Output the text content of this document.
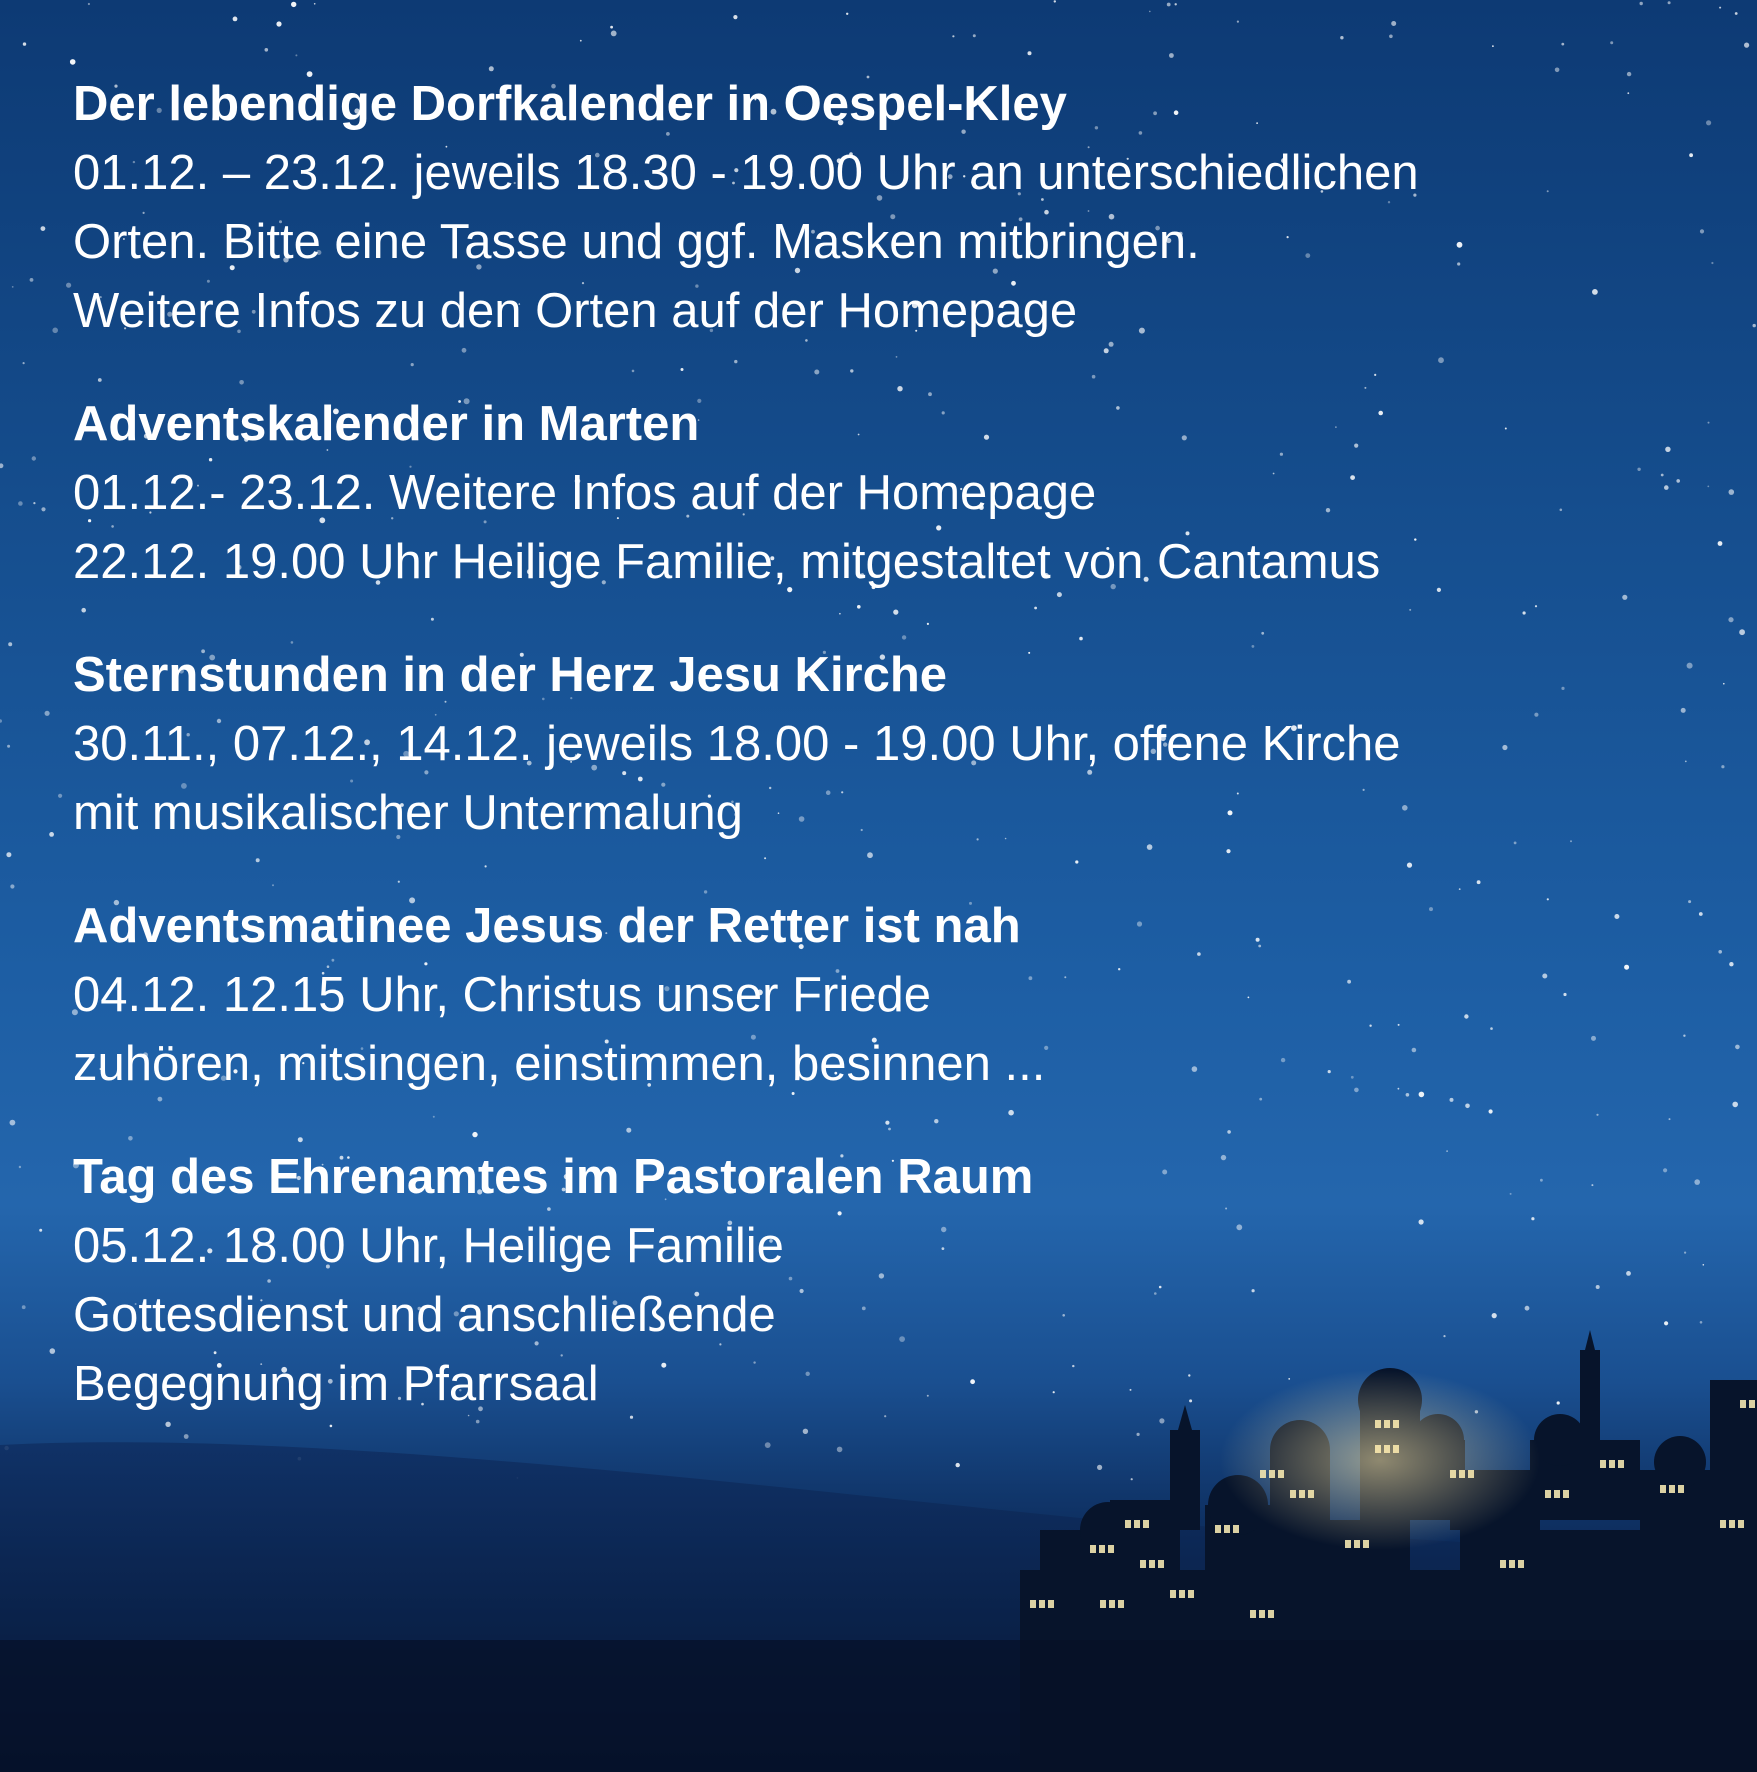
Der lebendige Dorfkalender in Oespel-Kley

01.12. – 23.12. jeweils 18.30 - 19.00 Uhr an unterschiedlichen

Orten. Bitte eine Tasse und ggf. Masken mitbringen.

Weitere Infos zu den Orten auf der Homepage

Adventskalender in Marten

01.12.- 23.12. Weitere Infos auf der Homepage

22.12. 19.00 Uhr Heilige Familie, mitgestaltet von Cantamus

Sternstunden in der Herz Jesu Kirche

30.11., 07.12., 14.12. jeweils 18.00 - 19.00 Uhr, offene Kirche

mit musikalischer Untermalung

Adventsmatinee Jesus der Retter ist nah

04.12. 12.15 Uhr, Christus unser Friede

zuhören, mitsingen, einstimmen, besinnen ...

Tag des Ehrenamtes im Pastoralen Raum

05.12. 18.00 Uhr, Heilige Familie

Gottesdienst und anschließende

Begegnung im Pfarrsaal
